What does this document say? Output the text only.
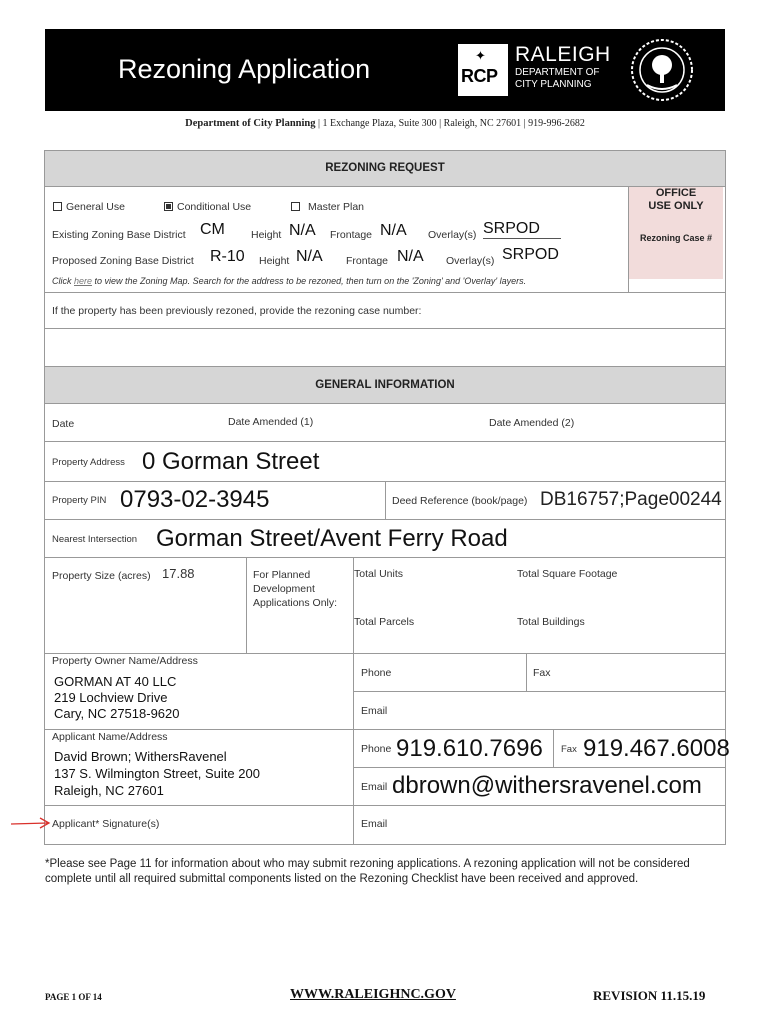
Rezoning Application	✦
RCP
RALEIGH
DEPARTMENT OF
CITY PLANNING
Department of City Planning | 1 Exchange Plaza, Suite 300 | Raleigh, NC 27601 | 919-996-2682
REZONING REQUEST
OFFICE
USE ONLY
Rezoning Case #
General Use	Conditional Use	Master Plan
Existing Zoning Base District CM Height N/A Frontage N/A Overlay(s) SRPOD
Proposed Zoning Base District R-10 Height N/A Frontage N/A Overlay(s) SRPOD
Click here to view the Zoning Map. Search for the address to be rezoned, then turn on the 'Zoning' and 'Overlay' layers.
If the property has been previously rezoned, provide the rezoning case number:
GENERAL INFORMATION
Date	Date Amended (1)	Date Amended (2)
Property Address 0 Gorman Street
Property PIN 0793-02-3945	Deed Reference (book/page) DB16757;Page00244
Nearest Intersection Gorman Street/Avent Ferry Road
Property Size (acres) 17.88	For Planned
Development
Applications Only:
Total Units	Total Square Footage
Total Parcels	Total Buildings
Property Owner Name/Address
GORMAN AT 40 LLC
219 Lochview Drive
Cary, NC 27518-9620
Phone	Fax
Email
Applicant Name/Address
David Brown; WithersRavenel
137 S. Wilmington Street, Suite 200
Raleigh, NC 27601
Phone 919.610.7696 Fax 919.467.6008
Email dbrown@withersravenel.com
Applicant* Signature(s)	Email
*Please see Page 11 for information about who may submit rezoning applications. A rezoning application will not be considered complete until all required submittal components listed on the Rezoning Checklist have been received and approved.
PAGE 1 OF 14	WWW.RALEIGHNC.GOV	REVISION 11.15.19
